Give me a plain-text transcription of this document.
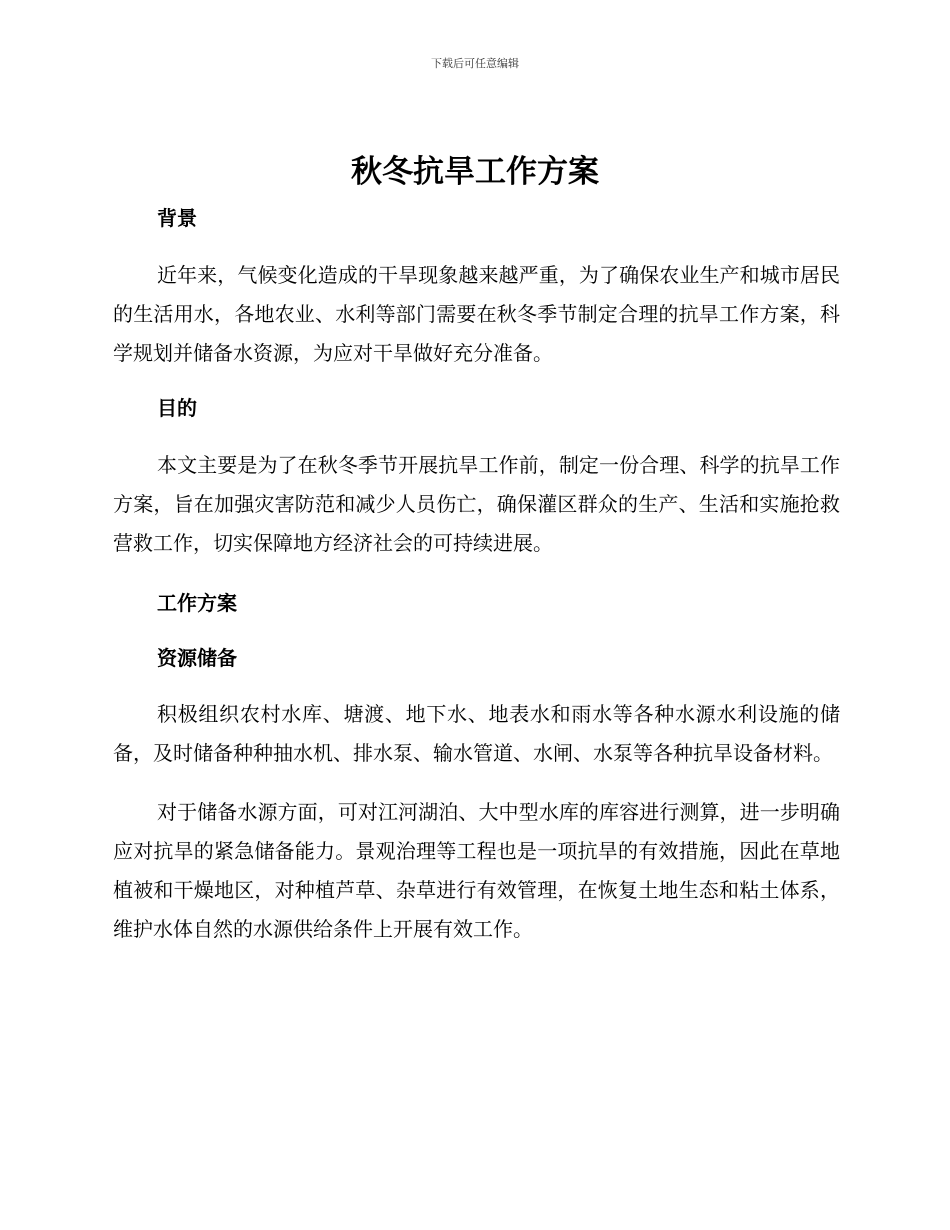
下载后可任意编辑
秋冬抗旱工作方案
背景

近年来，气候变化造成的干旱现象越来越严重，为了确保农业生产和城市居民的生活用水，各地农业、水利等部门需要在秋冬季节制定合理的抗旱工作方案，科学规划并储备水资源，为应对干旱做好充分准备。

目的

本文主要是为了在秋冬季节开展抗旱工作前，制定一份合理、科学的抗旱工作方案，旨在加强灾害防范和减少人员伤亡，确保灌区群众的生产、生活和实施抢救营救工作，切实保障地方经济社会的可持续进展。

工作方案
资源储备

积极组织农村水库、塘渡、地下水、地表水和雨水等各种水源水利设施的储备，及时储备种种抽水机、排水泵、输水管道、水闸、水泵等各种抗旱设备材料。

对于储备水源方面，可对江河湖泊、大中型水库的库容进行测算，进一步明确应对抗旱的紧急储备能力。景观治理等工程也是一项抗旱的有效措施，因此在草地植被和干燥地区，对种植芦草、杂草进行有效管理，在恢复土地生态和粘土体系，维护水体自然的水源供给条件上开展有效工作。
